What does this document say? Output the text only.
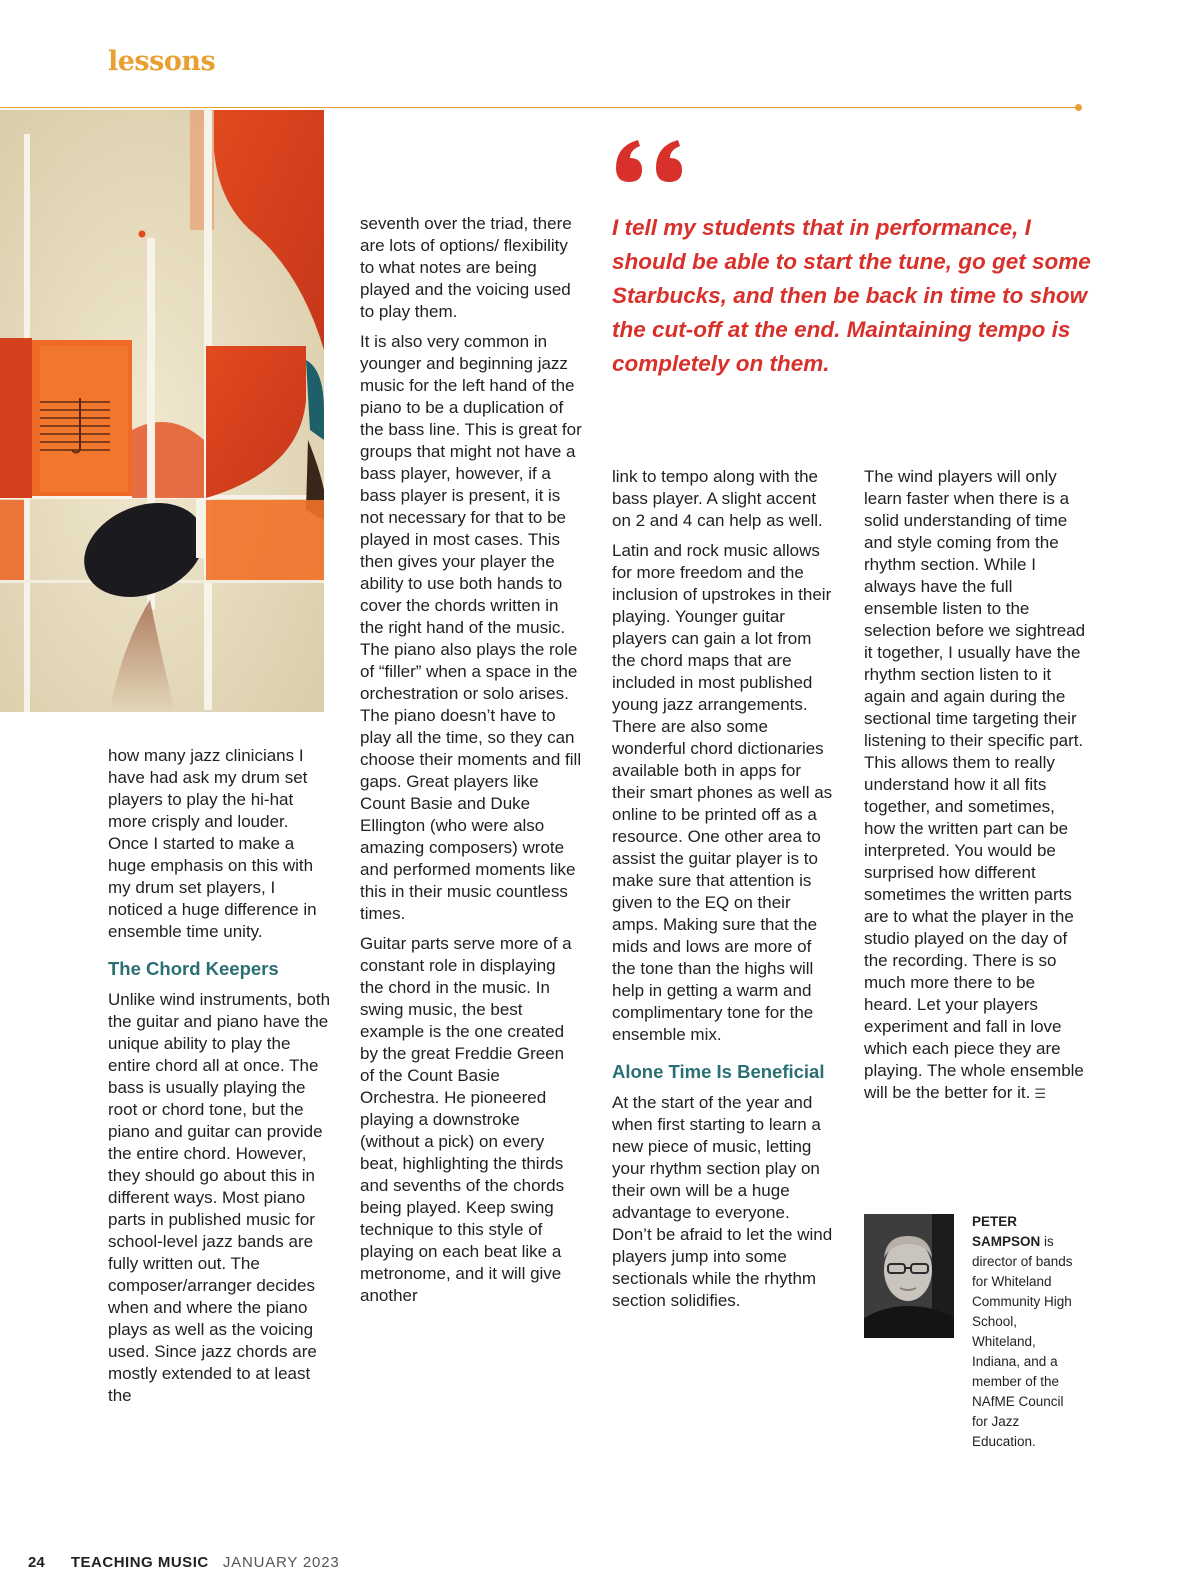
lessons

how many jazz clinicians I have had ask my drum set players to play the hi-hat more crisply and louder. Once I started to make a huge emphasis on this with my drum set players, I noticed a huge difference in ensemble time unity.

The Chord Keepers

Unlike wind instruments, both the guitar and piano have the unique ability to play the entire chord all at once. The bass is usually playing the root or chord tone, but the piano and guitar can provide the entire chord. However, they should go about this in different ways. Most piano parts in published music for school-level jazz bands are fully written out. The composer/arranger decides when and where the piano plays as well as the voicing used. Since jazz chords are mostly extended to at least the

seventh over the triad, there are lots of options/ flexibility to what notes are being played and the voicing used to play them.

It is also very common in younger and beginning jazz music for the left hand of the piano to be a duplication of the bass line. This is great for groups that might not have a bass player, however, if a bass player is present, it is not necessary for that to be played in most cases. This then gives your player the ability to use both hands to cover the chords written in the right hand of the music. The piano also plays the role of “filler” when a space in the orchestration or solo arises. The piano doesn’t have to play all the time, so they can choose their moments and fill gaps. Great players like Count Basie and Duke Ellington (who were also amazing composers) wrote and performed moments like this in their music countless times.

Guitar parts serve more of a constant role in displaying the chord in the music. In swing music, the best example is the one created by the great Freddie Green of the Count Basie Orchestra. He pioneered playing a downstroke (without a pick) on every beat, highlighting the thirds and sevenths of the chords being played. Keep swing technique to this style of playing on each beat like a metronome, and it will give another

I tell my students that in performance, I should be able to start the tune, go get some Starbucks, and then be back in time to show the cut-off at the end. Maintaining tempo is completely on them.

link to tempo along with the bass player. A slight accent on 2 and 4 can help as well.

Latin and rock music allows for more freedom and the inclusion of upstrokes in their playing. Younger guitar players can gain a lot from the chord maps that are included in most published young jazz arrangements. There are also some wonderful chord dictionaries available both in apps for their smart phones as well as online to be printed off as a resource. One other area to assist the guitar player is to make sure that attention is given to the EQ on their amps. Making sure that the mids and lows are more of the tone than the highs will help in getting a warm and complimentary tone for the ensemble mix.

Alone Time Is Beneficial

At the start of the year and when first starting to learn a new piece of music, letting your rhythm section play on their own will be a huge advantage to everyone. Don’t be afraid to let the wind players jump into some sectionals while the rhythm section solidifies.

The wind players will only learn faster when there is a solid understanding of time and style coming from the rhythm section. While I always have the full ensemble listen to the selection before we sightread it together, I usually have the rhythm section listen to it again and again during the sectional time targeting their listening to their specific part. This allows them to really understand how it all fits together, and sometimes, how the written part can be interpreted. You would be surprised how different sometimes the written parts are to what the player in the studio played on the day of the recording. There is so much more there to be heard. Let your players experiment and fall in love which each piece they are playing. The whole ensemble will be the better for it. ☰

PETER SAMPSON is director of bands for Whiteland Community High School, Whiteland, Indiana, and a member of the NAfME Council for Jazz Education.
24 TEACHING MUSIC JANUARY 2023
